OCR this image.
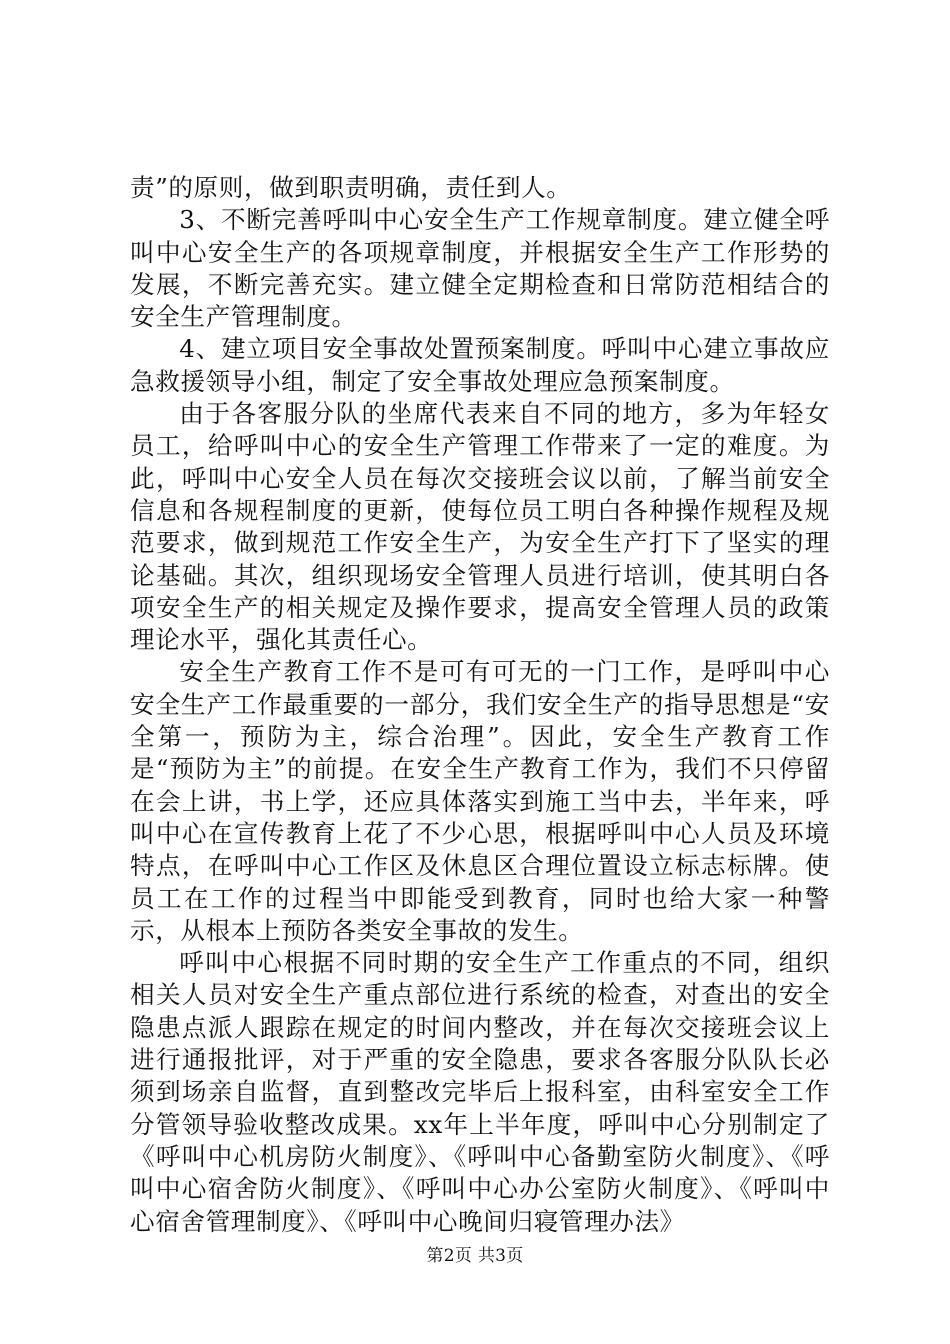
责”的原则，做到职责明确，责任到人。

3、不断完善呼叫中心安全生产工作规章制度。建立健全呼叫中心安全生产的各项规章制度，并根据安全生产工作形势的发展，不断完善充实。建立健全定期检查和日常防范相结合的安全生产管理制度。

4、建立项目安全事故处置预案制度。呼叫中心建立事故应急救援领导小组，制定了安全事故处理应急预案制度。

由于各客服分队的坐席代表来自不同的地方，多为年轻女员工，给呼叫中心的安全生产管理工作带来了一定的难度。为此，呼叫中心安全人员在每次交接班会议以前，了解当前安全信息和各规程制度的更新，使每位员工明白各种操作规程及规范要求，做到规范工作安全生产，为安全生产打下了坚实的理论基础。其次，组织现场安全管理人员进行培训，使其明白各项安全生产的相关规定及操作要求，提高安全管理人员的政策理论水平，强化其责任心。

安全生产教育工作不是可有可无的一门工作，是呼叫中心安全生产工作最重要的一部分，我们安全生产的指导思想是“安全第一，预防为主，综合治理”。因此，安全生产教育工作是“预防为主”的前提。在安全生产教育工作为，我们不只停留在会上讲，书上学，还应具体落实到施工当中去，半年来，呼叫中心在宣传教育上花了不少心思，根据呼叫中心人员及环境特点，在呼叫中心工作区及休息区合理位置设立标志标牌。使员工在工作的过程当中即能受到教育，同时也给大家一种警示，从根本上预防各类安全事故的发生。

呼叫中心根据不同时期的安全生产工作重点的不同，组织相关人员对安全生产重点部位进行系统的检查，对查出的安全隐患点派人跟踪在规定的时间内整改，并在每次交接班会议上进行通报批评，对于严重的安全隐患，要求各客服分队队长必须到场亲自监督，直到整改完毕后上报科室，由科室安全工作分管领导验收整改成果。xx年上半年度，呼叫中心分别制定了《呼叫中心机房防火制度》、《呼叫中心备勤室防火制度》、《呼叫中心宿舍防火制度》、《呼叫中心办公室防火制度》、《呼叫中心宿舍管理制度》、《呼叫中心晚间归寝管理办法》

第2页 共3页
